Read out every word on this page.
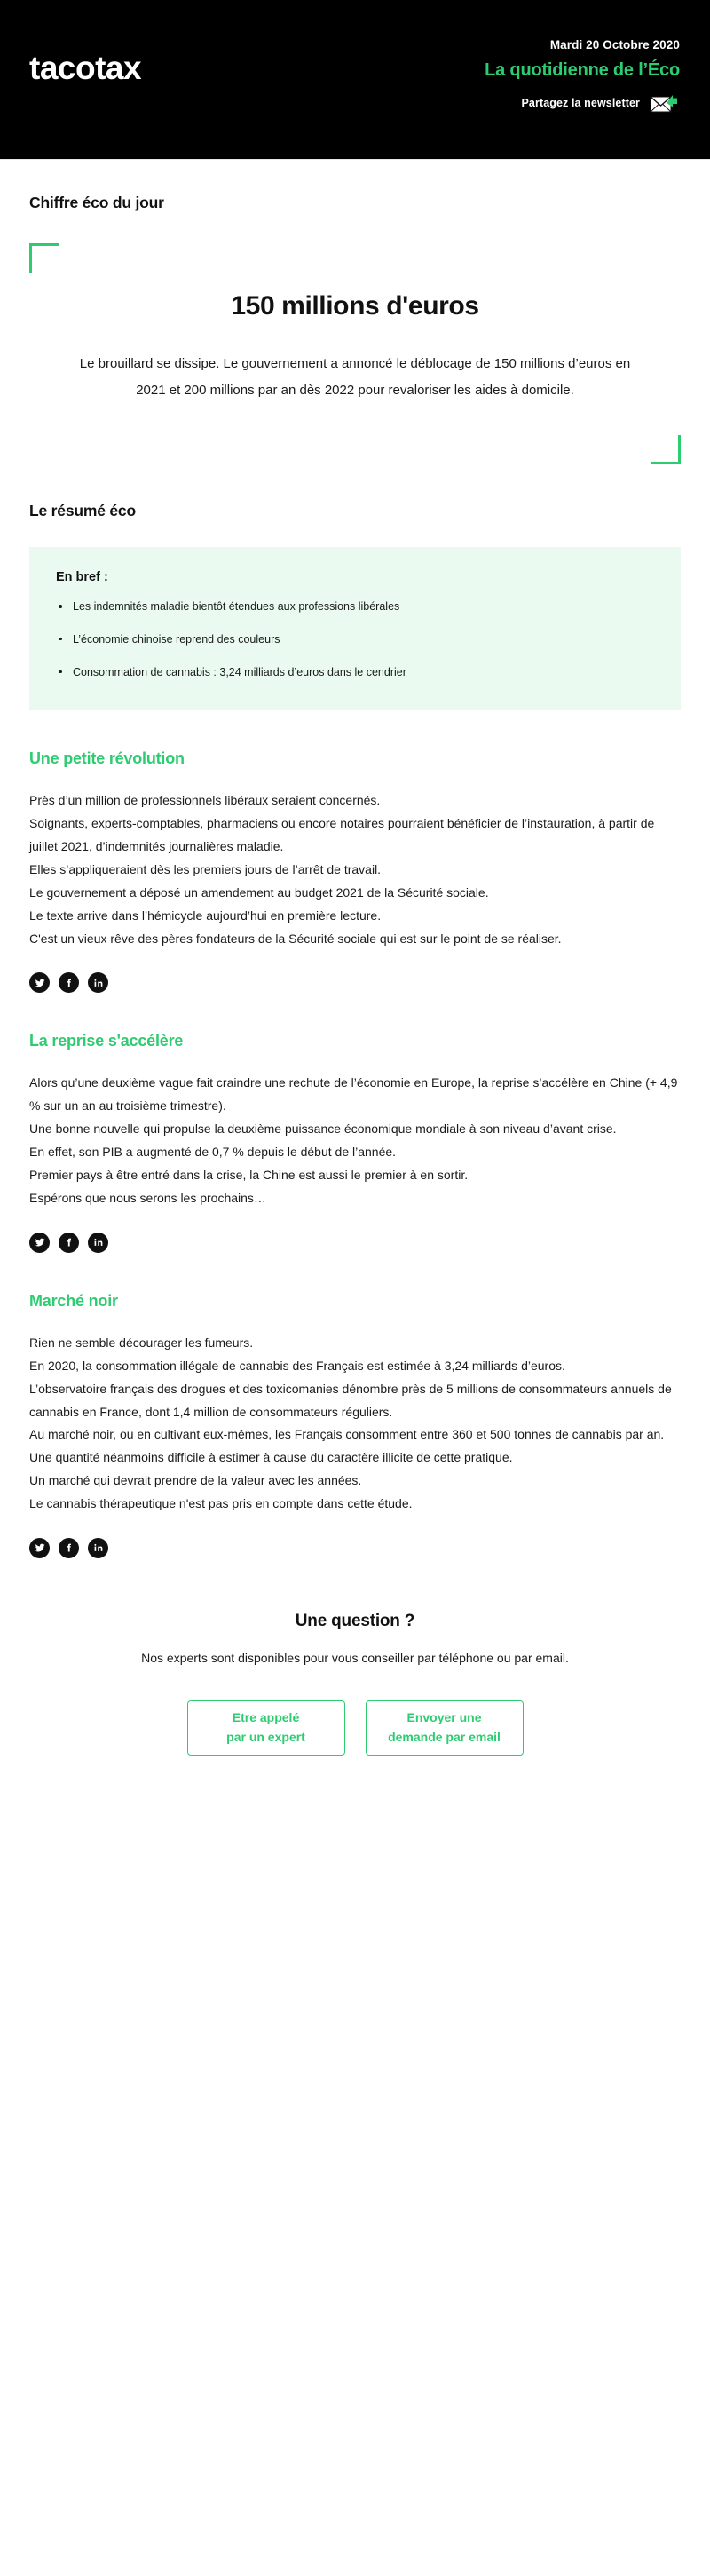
tacotax
Mardi 20 Octobre 2020
La quotidienne de l’Éco
Partagez la newsletter
Chiffre éco du jour
150 millions d'euros
Le brouillard se dissipe. Le gouvernement a annoncé le déblocage de 150 millions d’euros en 2021 et 200 millions par an dès 2022 pour revaloriser les aides à domicile.
Le résumé éco
En bref :
Les indemnités maladie bientôt étendues aux professions libérales
L’économie chinoise reprend des couleurs
Consommation de cannabis : 3,24 milliards d’euros dans le cendrier
Une petite révolution

Près d’un million de professionnels libéraux seraient concernés.

Soignants, experts-comptables, pharmaciens ou encore notaires pourraient bénéficier de l’instauration, à partir de juillet 2021, d’indemnités journalières maladie.

Elles s’appliqueraient dès les premiers jours de l’arrêt de travail.

Le gouvernement a déposé un amendement au budget 2021 de la Sécurité sociale.

Le texte arrive dans l’hémicycle aujourd’hui en première lecture.

C'est un vieux rêve des pères fondateurs de la Sécurité sociale qui est sur le point de se réaliser.

La reprise s'accélère

Alors qu’une deuxième vague fait craindre une rechute de l’économie en Europe, la reprise s’accélère en Chine (+ 4,9 % sur un an au troisième trimestre).

Une bonne nouvelle qui propulse la deuxième puissance économique mondiale à son niveau d’avant crise.

En effet, son PIB a augmenté de 0,7 % depuis le début de l’année.

Premier pays à être entré dans la crise, la Chine est aussi le premier à en sortir.

Espérons que nous serons les prochains…

Marché noir

Rien ne semble décourager les fumeurs.

En 2020, la consommation illégale de cannabis des Français est estimée à 3,24 milliards d’euros.

L’observatoire français des drogues et des toxicomanies dénombre près de 5 millions de consommateurs annuels de cannabis en France, dont 1,4 million de consommateurs réguliers.

Au marché noir, ou en cultivant eux-mêmes, les Français consomment entre 360 et 500 tonnes de cannabis par an.

Une quantité néanmoins difficile à estimer à cause du caractère illicite de cette pratique.

Un marché qui devrait prendre de la valeur avec les années.

Le cannabis thérapeutique n'est pas pris en compte dans cette étude.

Une question ?
Nos experts sont disponibles pour vous conseiller par téléphone ou par email.
Etre appelé
par un expert
Envoyer une
demande par email
